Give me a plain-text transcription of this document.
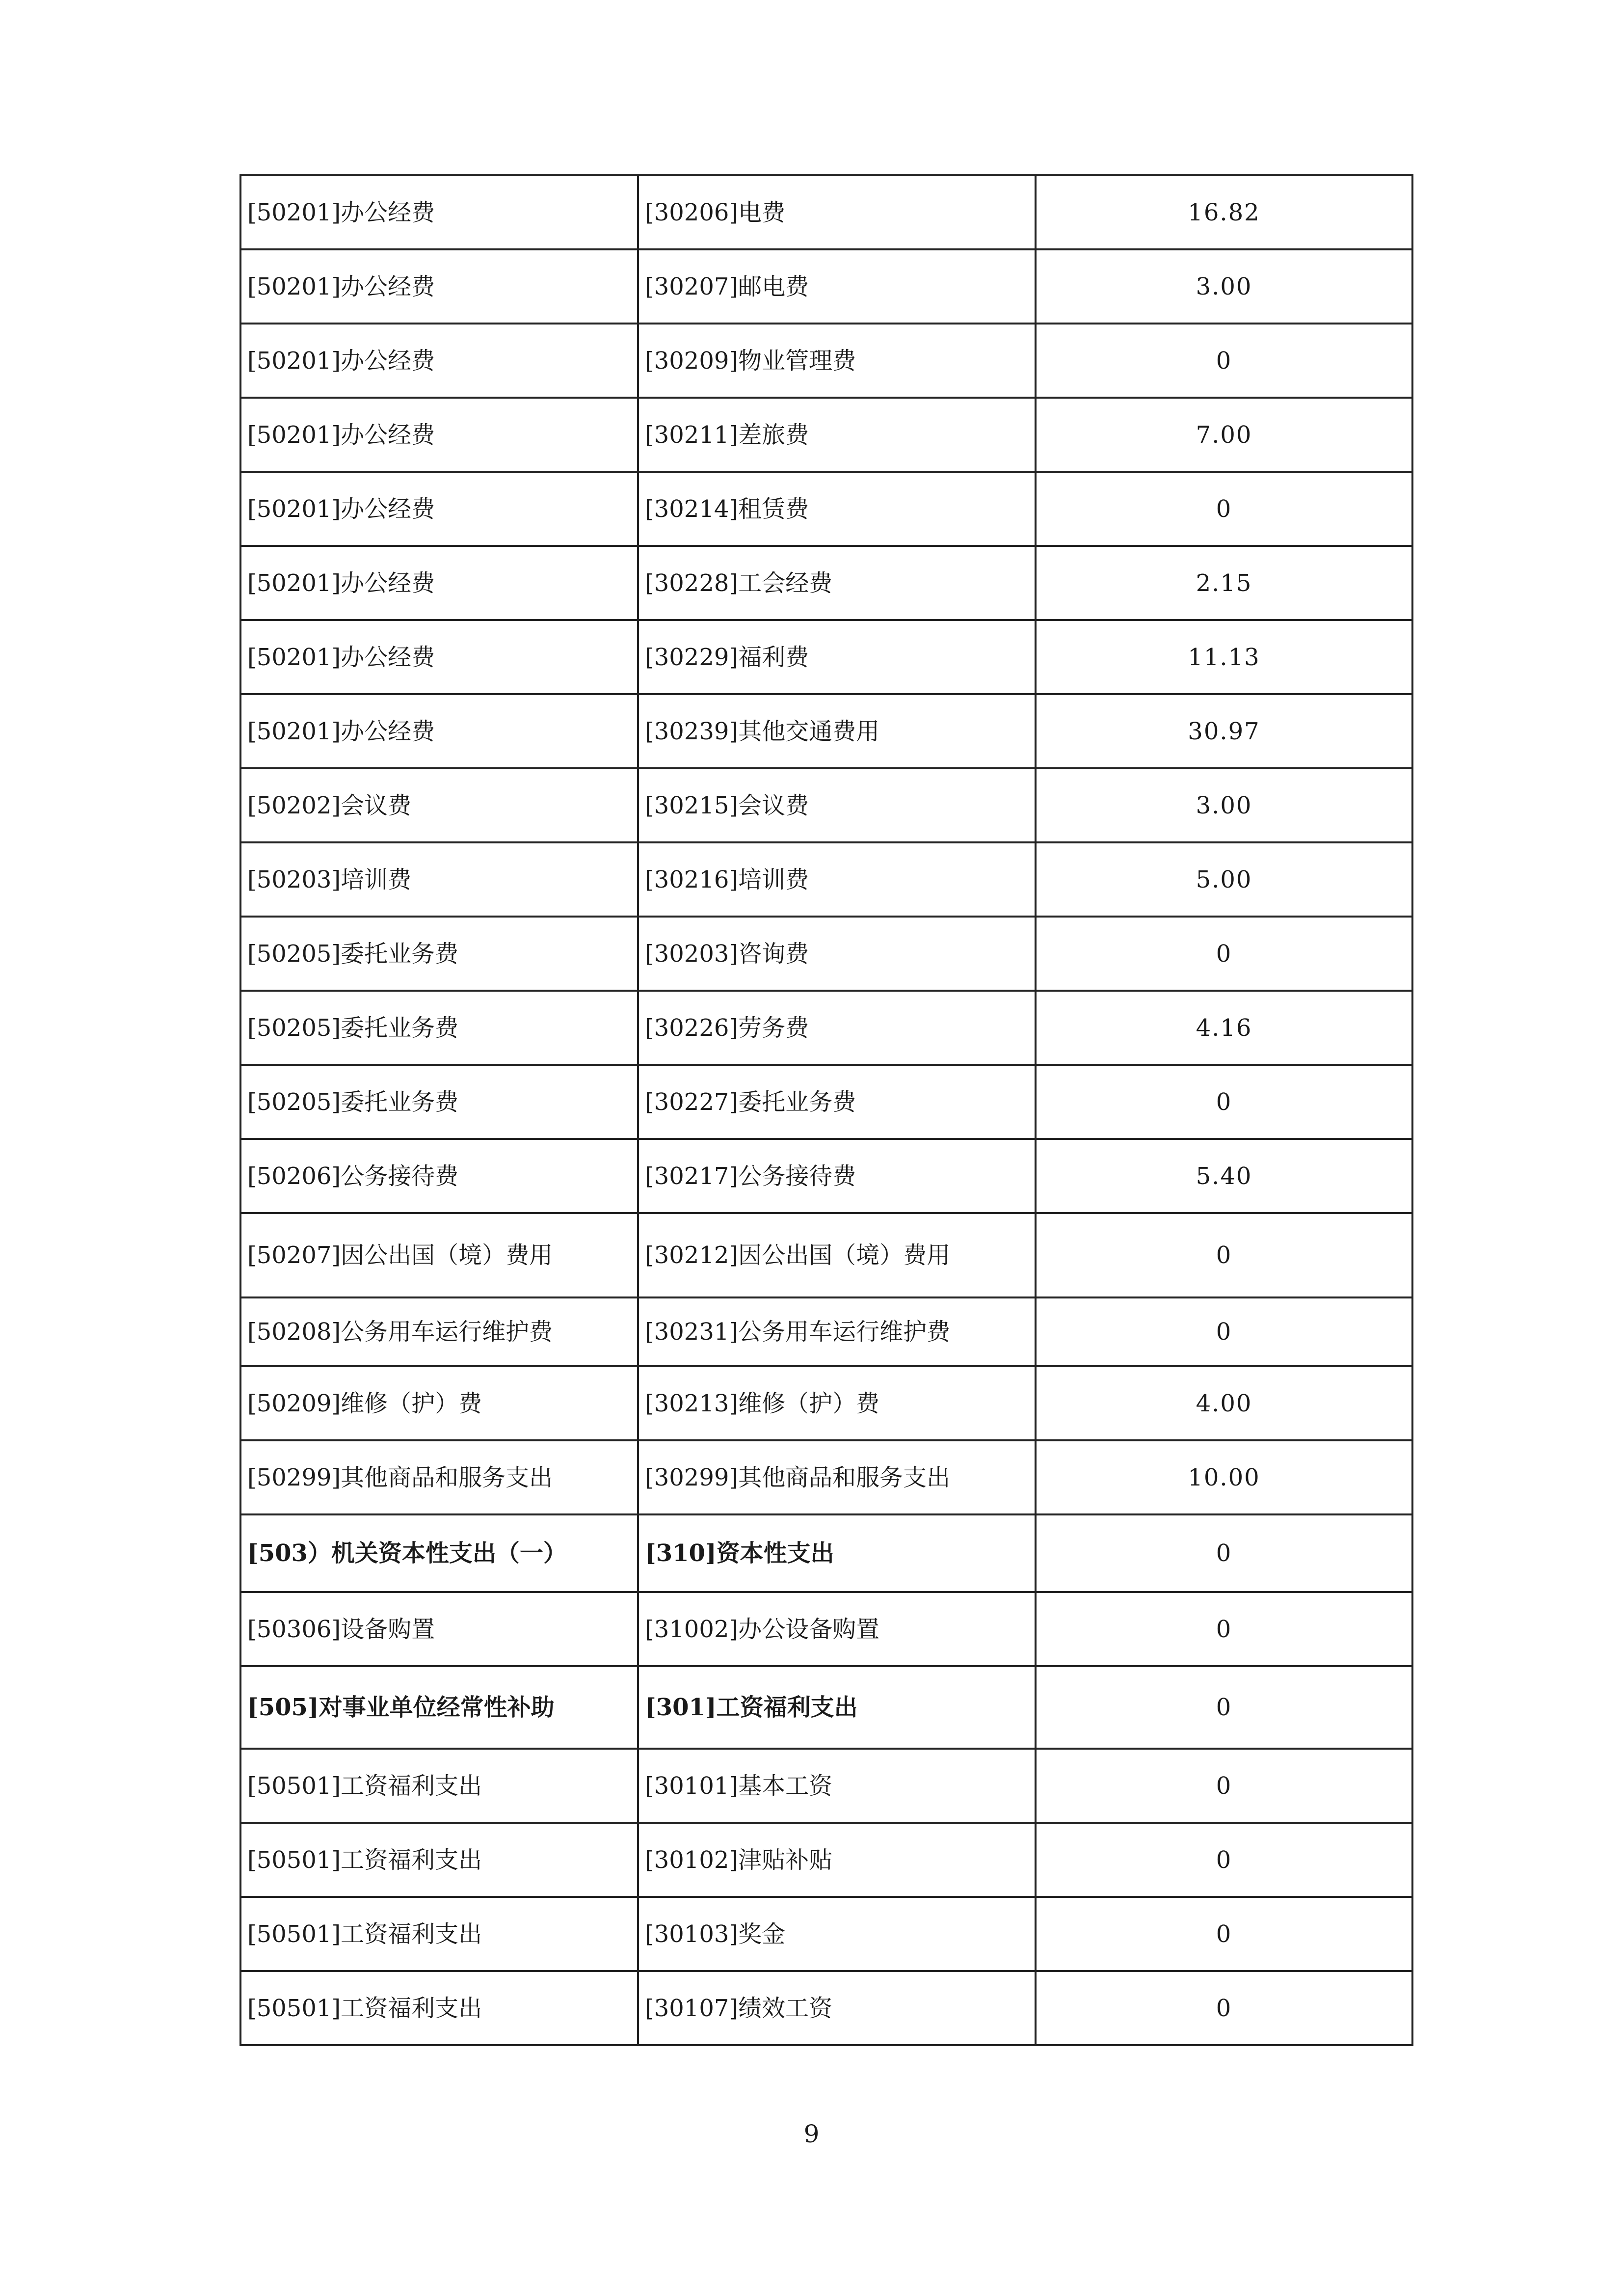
[50201]办公经费	[30206]电费	16.82
[50201]办公经费	[30207]邮电费	3.00
[50201]办公经费	[30209]物业管理费	0
[50201]办公经费	[30211]差旅费	7.00
[50201]办公经费	[30214]租赁费	0
[50201]办公经费	[30228]工会经费	2.15
[50201]办公经费	[30229]福利费	11.13
[50201]办公经费	[30239]其他交通费用	30.97
[50202]会议费	[30215]会议费	3.00
[50203]培训费	[30216]培训费	5.00
[50205]委托业务费	[30203]咨询费	0
[50205]委托业务费	[30226]劳务费	4.16
[50205]委托业务费	[30227]委托业务费	0
[50206]公务接待费	[30217]公务接待费	5.40
[50207]因公出国（境）费用	[30212]因公出国（境）费用	0
[50208]公务用车运行维护费	[30231]公务用车运行维护费	0
[50209]维修（护）费	[30213]维修（护）费	4.00
[50299]其他商品和服务支出	[30299]其他商品和服务支出	10.00
[503）机关资本性支出（一）	[310]资本性支出	0
[50306]设备购置	[31002]办公设备购置	0
[505]对事业单位经常性补助	[301]工资福利支出	0
[50501]工资福利支出	[30101]基本工资	0
[50501]工资福利支出	[30102]津贴补贴	0
[50501]工资福利支出	[30103]奖金	0
[50501]工资福利支出	[30107]绩效工资	0
9
